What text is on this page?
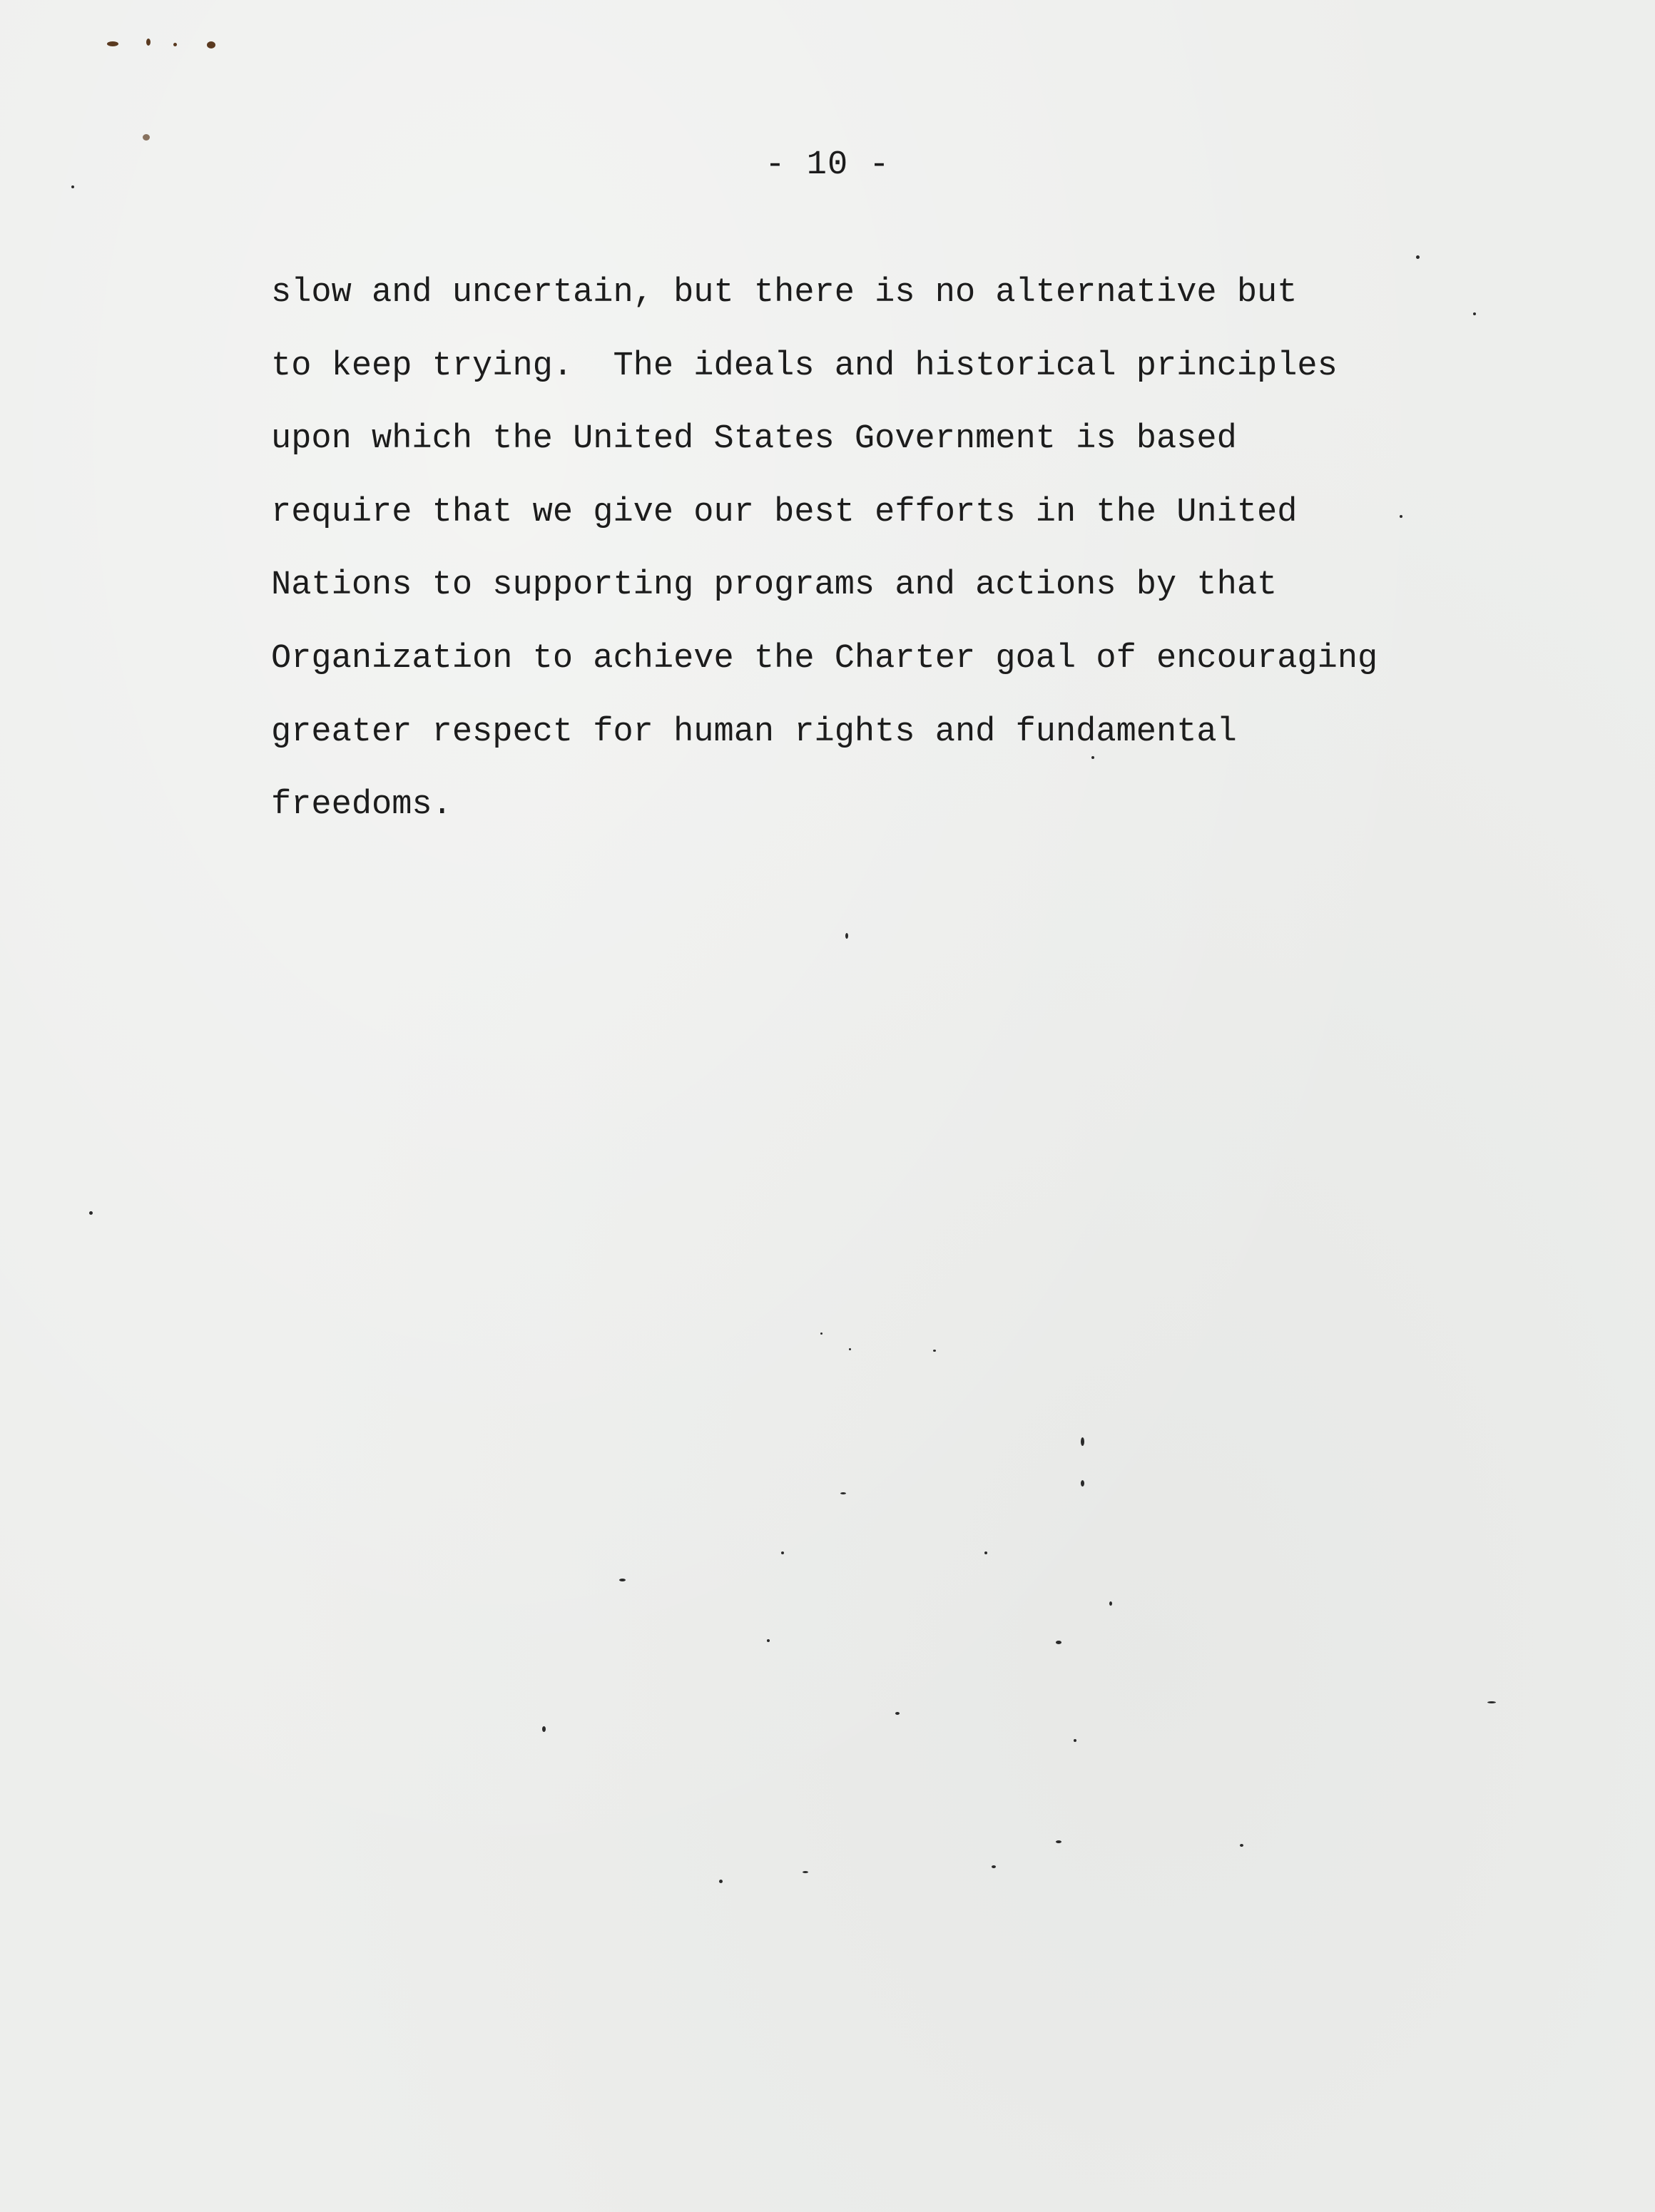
- 10 -
slow and uncertain, but there is no alternative but
to keep trying.  The ideals and historical principles
upon which the United States Government is based
require that we give our best efforts in the United
Nations to supporting programs and actions by that
Organization to achieve the Charter goal of encouraging
greater respect for human rights and fundamental
freedoms.
